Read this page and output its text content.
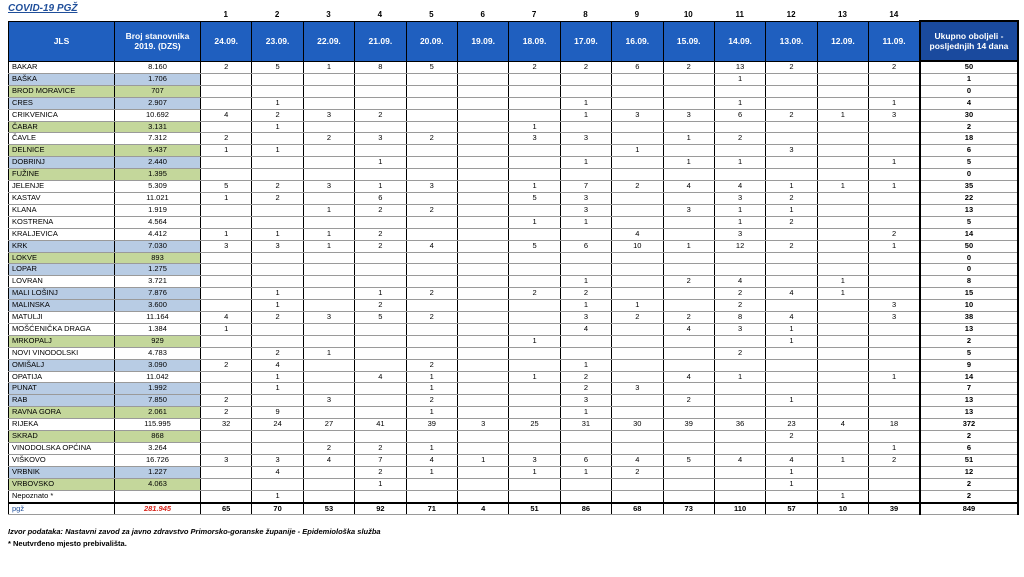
COVID-19 PGŽ
1	2	3	4	5	6	7	8	9	10	11	12	13	14
JLS	Broj stanovnika 2019. (DZS)	24.09.	23.09.	22.09.	21.09.	20.09.	19.09.	18.09.	17.09.	16.09.	15.09.	14.09.	13.09.	12.09.	11.09.	Ukupno oboljeli - posljednjih 14 dana
BAKAR	8.160	2	5	1	8	5		2	2	6	2	13	2		2	50
BAŠKA	1.706											1				1
BROD MORAVICE	707															0
CRES	2.907		1						1			1			1	4
CRIKVENICA	10.692	4	2	3	2				1	3	3	6	2	1	3	30
ČABAR	3.131		1					1								2
ČAVLE	7.312	2		2	3	2		3	3		1	2				18
DELNICE	5.437	1	1							1			3			6
DOBRINJ	2.440				1				1		1	1			1	5
FUŽINE	1.395															0
JELENJE	5.309	5	2	3	1	3		1	7	2	4	4	1	1	1	35
KASTAV	11.021	1	2		6			5	3			3	2			22
KLANA	1.919			1	2	2			3		3	1	1			13
KOSTRENA	4.564							1	1			1	2			5
KRALJEVICA	4.412	1	1	1	2					4		3			2	14
KRK	7.030	3	3	1	2	4		5	6	10	1	12	2		1	50
LOKVE	893															0
LOPAR	1.275															0
LOVRAN	3.721								1		2	4		1		8
MALI LOŠINJ	7.876		1		1	2		2	2			2	4	1		15
MALINSKA	3.600		1		2				1	1		2			3	10
MATULJI	11.164	4	2	3	5	2			3	2	2	8	4		3	38
MOŠĆENIČKA DRAGA	1.384	1							4		4	3	1			13
MRKOPALJ	929							1					1			2
NOVI VINODOLSKI	4.783		2	1								2				5
OMIŠALJ	3.090	2	4			2			1							9
OPATIJA	11.042		1		4	1		1	2		4	1			1	14
PUNAT	1.992		1			1			2	3						7
RAB	7.850	2		3		2			3		2		1			13
RAVNA GORA	2.061	2	9			1			1							13
RIJEKA	115.995	32	24	27	41	39	3	25	31	30	39	36	23	4	18	372
SKRAD	868												2			2
VINODOLSKA OPĆINA	3.264			2	2	1									1	6
VIŠKOVO	16.726	3	3	4	7	4	1	3	6	4	5	4	4	1	2	51
VRBNIK	1.227		4		2	1		1	1	2			1			12
VRBOVSKO	4.063				1								1			2
Nepoznato *			1											1		2
pgž	281.945	65	70	53	92	71	4	51	86	68	73	110	57	10	39	849
Izvor podataka: Nastavni zavod za javno zdravstvo Primorsko-goranske županije - Epidemiološka služba
* Neutvrđeno mjesto prebivališta.
